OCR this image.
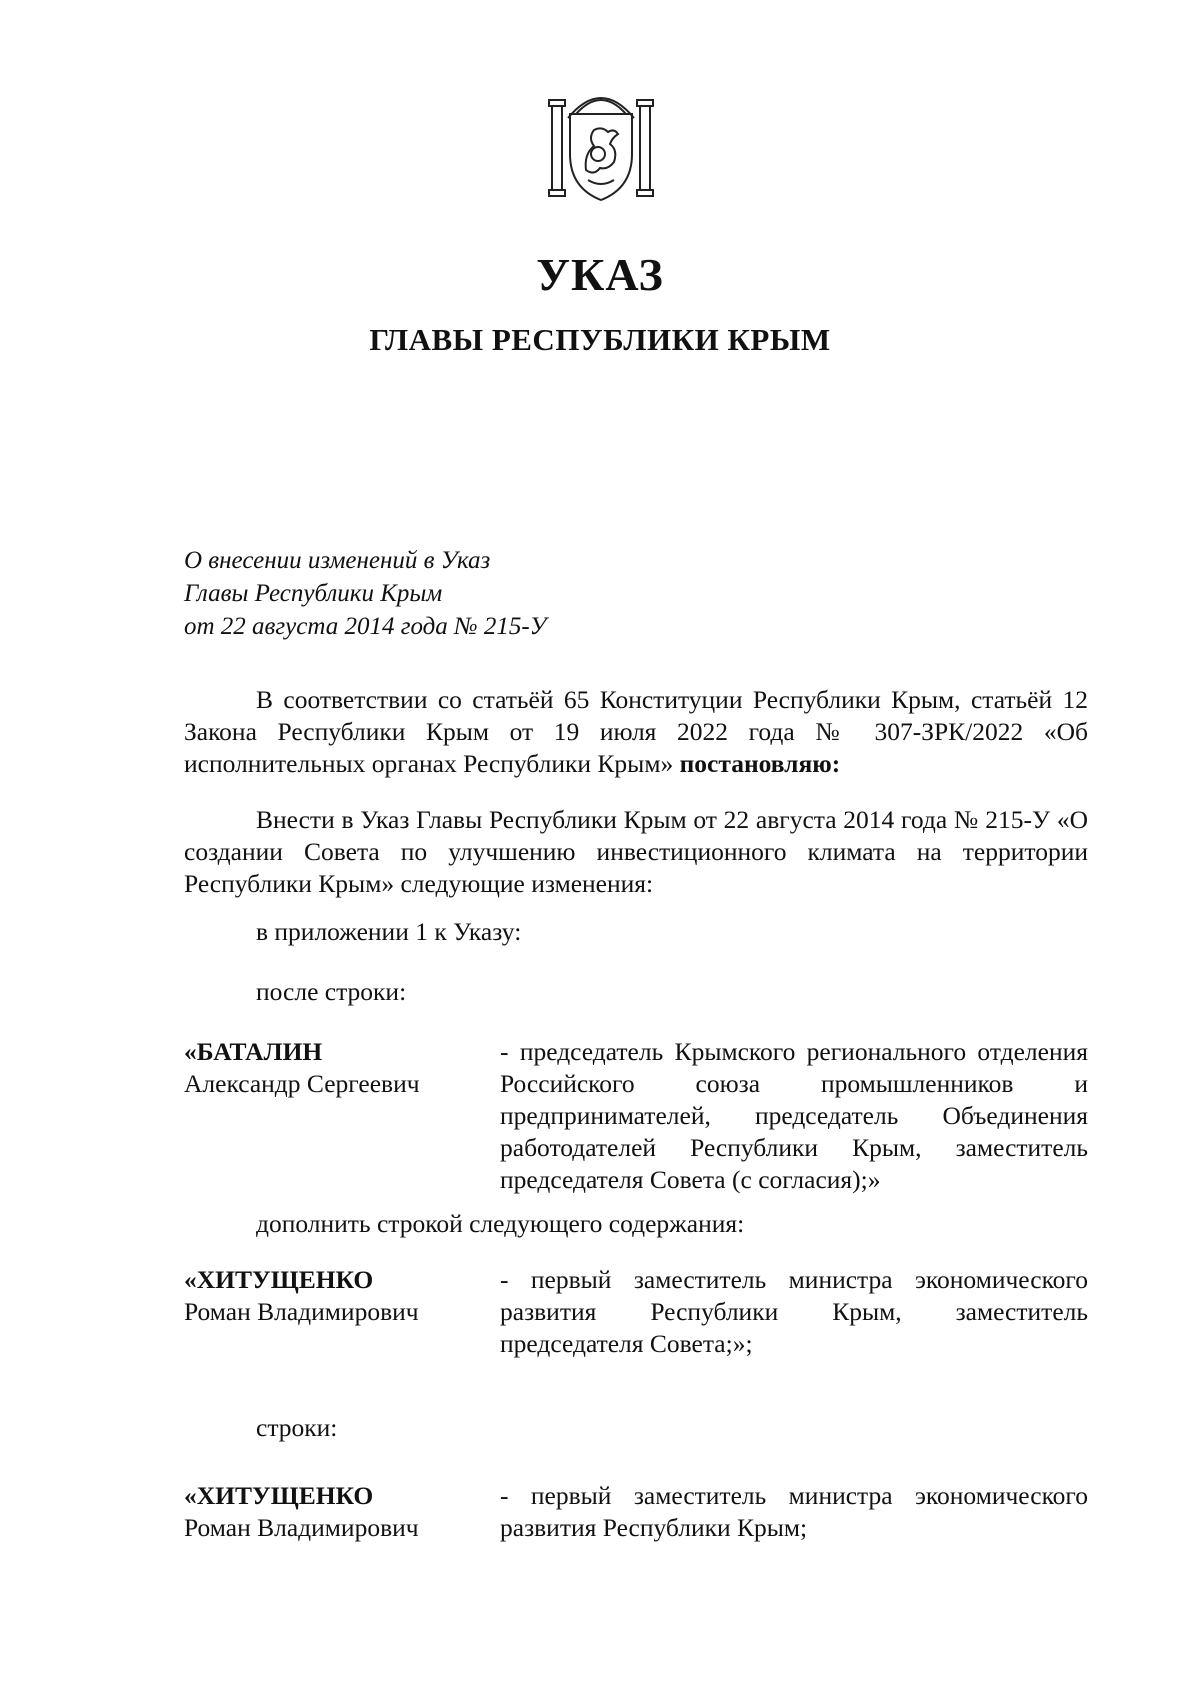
УКАЗ
ГЛАВЫ РЕСПУБЛИКИ КРЫМ
О внесении изменений в Указ
Главы Республики Крым
от 22 августа 2014 года № 215-У
В соответствии со статьёй 65 Конституции Республики Крым, статьёй 12 Закона Республики Крым от 19 июля 2022 года № 307-ЗРК/2022 «Об исполнительных органах Республики Крым» постановляю:
Внести в Указ Главы Республики Крым от 22 августа 2014 года № 215-У «О создании Совета по улучшению инвестиционного климата на территории Республики Крым» следующие изменения:
в приложении 1 к Указу:
после строки:
«БАТАЛИН
Александр Сергеевич
- председатель Крымского регионального отделения Российского союза промышленников и предпринимателей, председатель Объединения работодателей Республики Крым, заместитель председателя Совета (с согласия);»
дополнить строкой следующего содержания:
«ХИТУЩЕНКО
Роман Владимирович
- первый заместитель министра экономического развития Республики Крым, заместитель председателя Совета;»;
строки:
«ХИТУЩЕНКО
Роман Владимирович
- первый заместитель министра экономического развития Республики Крым;
